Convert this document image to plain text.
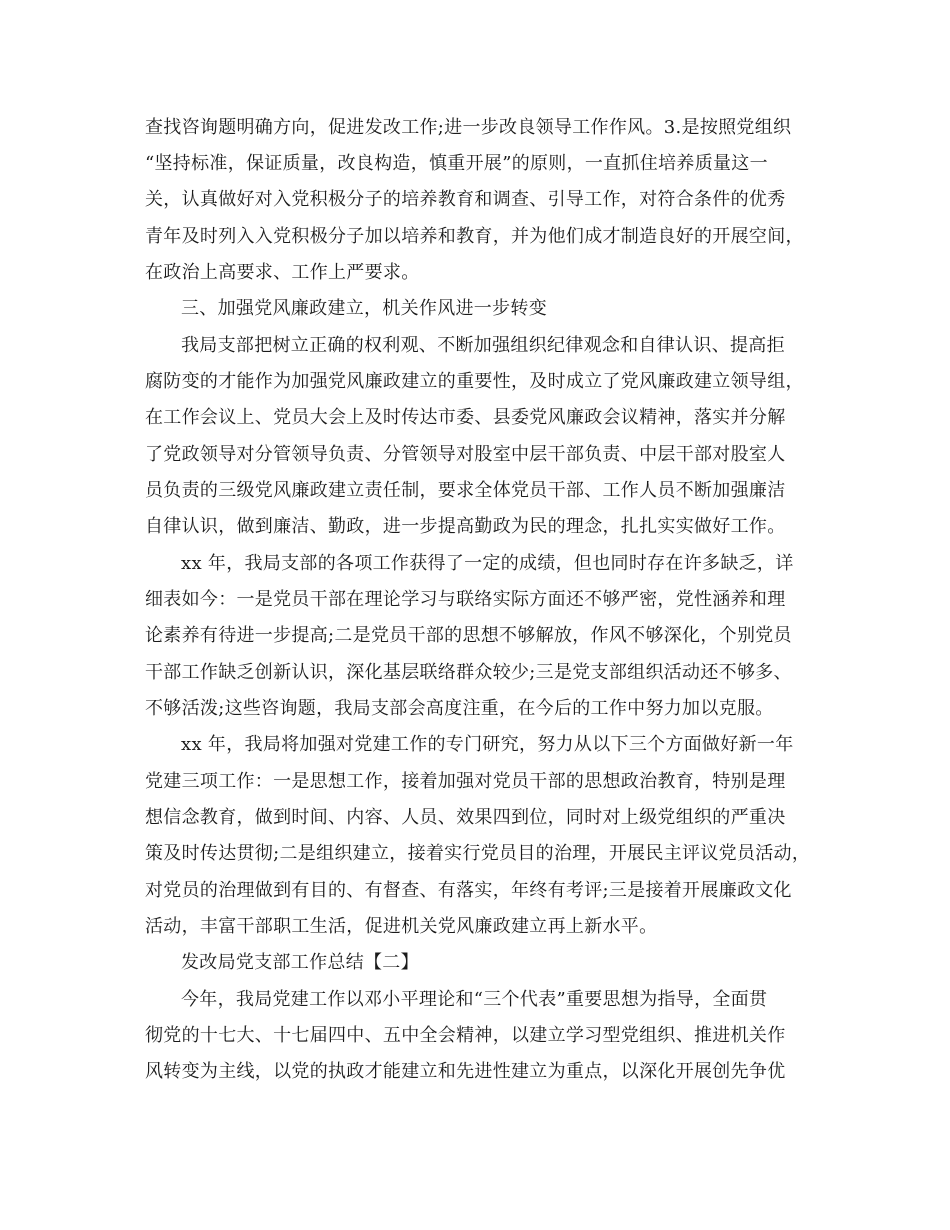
查找咨询题明确方向，促进发改工作;进一步改良领导工作作风。3.是按照党组织
“坚持标准，保证质量，改良构造，慎重开展”的原则，一直抓住培养质量这一
关，认真做好对入党积极分子的培养教育和调查、引导工作，对符合条件的优秀
青年及时列入入党积极分子加以培养和教育，并为他们成才制造良好的开展空间，
在政治上高要求、工作上严要求。
三、加强党风廉政建立，机关作风进一步转变
我局支部把树立正确的权利观、不断加强组织纪律观念和自律认识、提高拒
腐防变的才能作为加强党风廉政建立的重要性，及时成立了党风廉政建立领导组，
在工作会议上、党员大会上及时传达市委、县委党风廉政会议精神，落实并分解
了党政领导对分管领导负责、分管领导对股室中层干部负责、中层干部对股室人
员负责的三级党风廉政建立责任制，要求全体党员干部、工作人员不断加强廉洁
自律认识，做到廉洁、勤政，进一步提高勤政为民的理念，扎扎实实做好工作。
xx 年，我局支部的各项工作获得了一定的成绩，但也同时存在许多缺乏，详
细表如今：一是党员干部在理论学习与联络实际方面还不够严密，党性涵养和理
论素养有待进一步提高;二是党员干部的思想不够解放，作风不够深化，个别党员
干部工作缺乏创新认识，深化基层联络群众较少;三是党支部组织活动还不够多、
不够活泼;这些咨询题，我局支部会高度注重，在今后的工作中努力加以克服。
xx 年，我局将加强对党建工作的专门研究，努力从以下三个方面做好新一年
党建三项工作：一是思想工作，接着加强对党员干部的思想政治教育，特别是理
想信念教育，做到时间、内容、人员、效果四到位，同时对上级党组织的严重决
策及时传达贯彻;二是组织建立，接着实行党员目的治理，开展民主评议党员活动，
对党员的治理做到有目的、有督查、有落实，年终有考评;三是接着开展廉政文化
活动，丰富干部职工生活，促进机关党风廉政建立再上新水平。
发改局党支部工作总结【二】
今年，我局党建工作以邓小平理论和“三个代表”重要思想为指导，全面贯
彻党的十七大、十七届四中、五中全会精神，以建立学习型党组织、推进机关作
风转变为主线，以党的执政才能建立和先进性建立为重点，以深化开展创先争优
